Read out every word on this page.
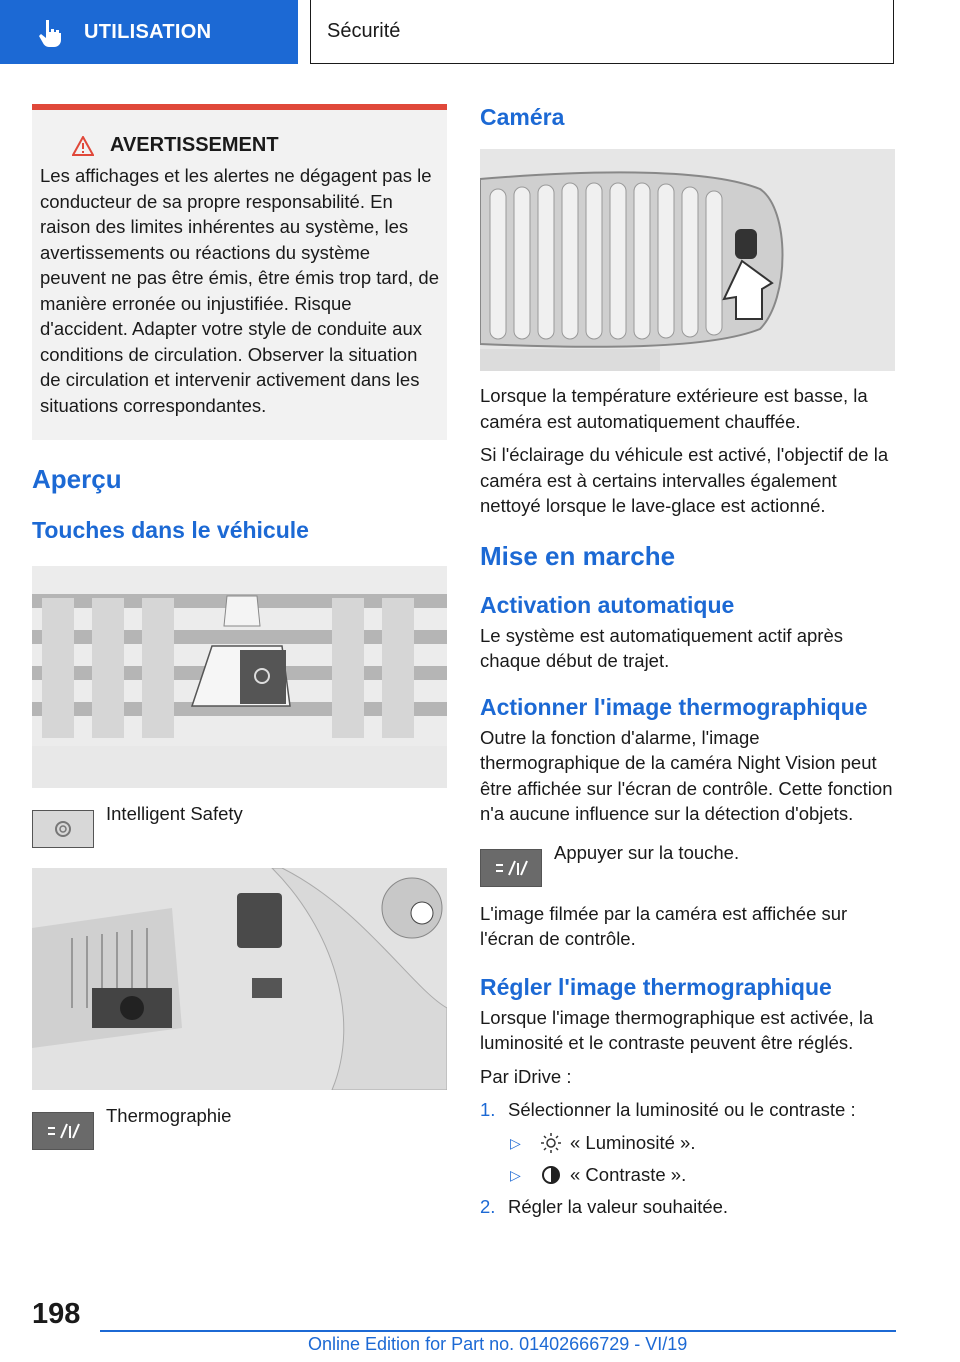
UTILISATION	Sécurité
AVERTISSEMENT

Les affichages et les alertes ne dégagent pas le conducteur de sa propre responsabilité. En raison des limites inhérentes au système, les avertissements ou réactions du système peuvent ne pas être émis, être émis trop tard, de manière erronée ou injustifiée. Risque d'accident. Adapter votre style de conduite aux conditions de circulation. Observer la situation de circulation et intervenir activement dans les situations correspondantes.

Aperçu
Touches dans le véhicule
Intelligent Safety
Thermographie
Caméra

Lorsque la température extérieure est basse, la caméra est automatiquement chauffée.

Si l'éclairage du véhicule est activé, l'objectif de la caméra est à certains intervalles également nettoyé lorsque le lave-glace est actionné.

Mise en marche
Activation automatique

Le système est automatiquement actif après chaque début de trajet.

Actionner l'image thermographique

Outre la fonction d'alarme, l'image thermographique de la caméra Night Vision peut être affichée sur l'écran de contrôle. Cette fonction n'a aucune influence sur la détection d'objets.

Appuyer sur la touche.

L'image filmée par la caméra est affichée sur l'écran de contrôle.

Régler l'image thermographique

Lorsque l'image thermographique est activée, la luminosité et le contraste peuvent être réglés.

Par iDrive :

1. Sélectionner la luminosité ou le contraste :
▷	« Luminosité ».
▷	« Contraste ».
2. Régler la valeur souhaitée.
198
Online Edition for Part no. 01402666729 - VI/19
